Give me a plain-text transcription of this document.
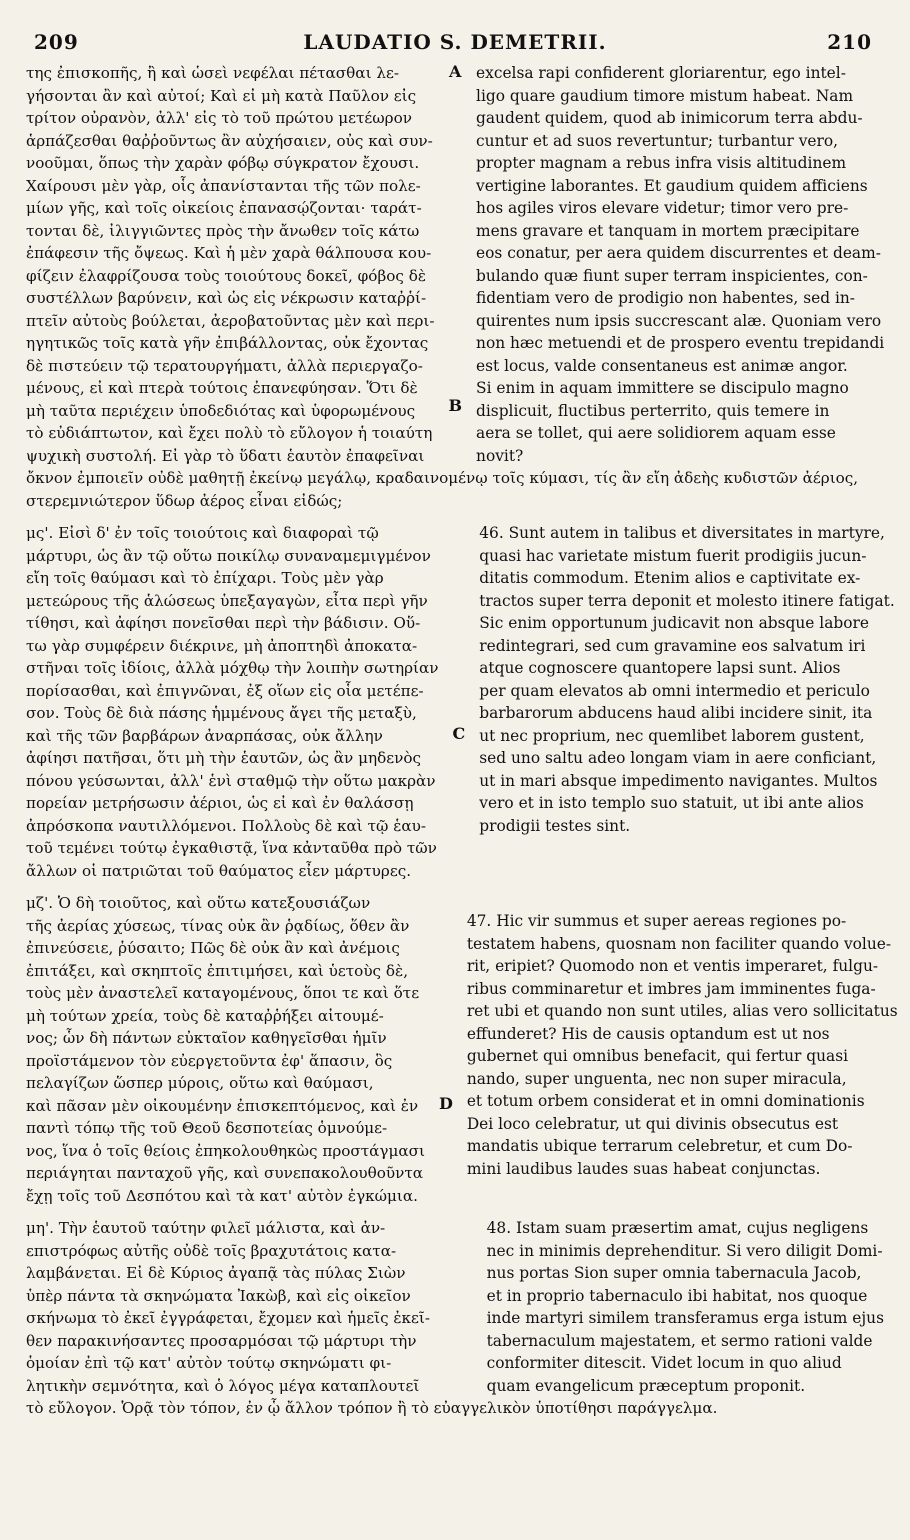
209	LAUDATIO S. DEMETRII.	210
της ἐπισκοπῆς, ἢ καὶ ὡσεὶ νεφέλαι πέτασθαι λε-
γήσονται ἂν καὶ αὐτοί; Καὶ εἰ μὴ κατὰ Παῦλον εἰς
τρίτον οὐρανὸν, ἀλλ' εἰς τὸ τοῦ πρώτου μετέωρον
ἁρπάζεσθαι θαῤῥοῦντως ἂν αὐχήσαιεν, οὐς καὶ συν-
νοοῦμαι, ὅπως τὴν χαρὰν φόβῳ σύγκρατον ἔχουσι.
Χαίρουσι μὲν γὰρ, οἷς ἀπανίστανται τῆς τῶν πολε-
μίων γῆς, καὶ τοῖς οἰκείοις ἐπανασῴζονται· ταράτ-
τονται δὲ, ἰλιγγιῶντες πρὸς τὴν ἄνωθεν τοῖς κάτω
ἐπάφεσιν τῆς ὄψεως. Καὶ ἡ μὲν χαρὰ θάλπουσα κου-
φίζειν ἐλαφρίζουσα τοὺς τοιούτους δοκεῖ, φόβος δὲ
συστέλλων βαρύνειν, καὶ ὡς εἰς νέκρωσιν καταῤῥί-
πτεῖν αὐτοὺς βούλεται, ἀεροβατοῦντας μὲν καὶ περι-
ηγητικῶς τοῖς κατὰ γῆν ἐπιβάλλοντας, οὐκ ἔχοντας
δὲ πιστεύειν τῷ τερατουργήματι, ἀλλὰ περιεργαζο-
μένους, εἰ καὶ πτερὰ τούτοις ἐπανεφύησαν. Ὅτι δὲ
μὴ ταῦτα περιέχειν ὑποδεδιότας καὶ ὑφορωμένους
τὸ εὐδιάπτωτον, καὶ ἔχει πολὺ τὸ εὔλογον ἡ τοιαύτη
ψυχικὴ συστολή. Εἰ γὰρ τὸ ὕδατι ἑαυτὸν ἐπαφεῖναι
A
B
excelsa rapi confiderent gloriarentur, ego intel-
ligo quare gaudium timore mistum habeat. Nam
gaudent quidem, quod ab inimicorum terra abdu-
cuntur et ad suos revertuntur; turbantur vero,
propter magnam a rebus infra visis altitudinem
vertigine laborantes. Et gaudium quidem afficiens
hos agiles viros elevare videtur; timor vero pre-
mens gravare et tanquam in mortem præcipitare
eos conatur, per aera quidem discurrentes et deam-
bulando quæ fiunt super terram inspicientes, con-
fidentiam vero de prodigio non habentes, sed in-
quirentes num ipsis succrescant alæ. Quoniam vero
non hæc metuendi et de prospero eventu trepidandi
est locus, valde consentaneus est animæ angor.
Si enim in aquam immittere se discipulo magno
displicuit, fluctibus perterrito, quis temere in
aera se tollet, qui aere solidiorem aquam esse
novit?
ὄκνον ἐμποιεῖν οὐδὲ μαθητῇ ἐκείνῳ μεγάλῳ, κραδαινομένῳ τοῖς κύμασι, τίς ἂν εἴη ἀδεὴς κυδιστῶν ἀέριος,
στερεμνιώτερον ὕδωρ ἀέρος εἶναι εἰδώς;
μς'. Εἰσὶ δ' ἐν τοῖς τοιούτοις καὶ διαφοραὶ τῷ
μάρτυρι, ὡς ἂν τῷ οὕτω ποικίλῳ συναναμεμιγμένον
εἴη τοῖς θαύμασι καὶ τὸ ἐπίχαρι. Τοὺς μὲν γὰρ
μετεώρους τῆς ἁλώσεως ὑπεξαγαγὼν, εἶτα περὶ γῆν
τίθησι, καὶ ἀφίησι πονεῖσθαι περὶ τὴν βάδισιν. Οὕ-
τω γὰρ συμφέρειν διέκρινε, μὴ ἀποπτηδὶ ἀποκατα-
στῆναι τοῖς ἰδίοις, ἀλλὰ μόχθῳ τὴν λοιπὴν σωτηρίαν
πορίσασθαι, καὶ ἐπιγνῶναι, ἐξ οἵων εἰς οἷα μετέπε-
σον. Τοὺς δὲ διὰ πάσης ἡμμένους ἄγει τῆς μεταξὺ,
καὶ τῆς τῶν βαρβάρων ἀναρπάσας, οὐκ ἄλλην
ἀφίησι πατῆσαι, ὅτι μὴ τὴν ἑαυτῶν, ὡς ἂν μηδενὸς
πόνου γεύσωνται, ἀλλ' ἑνὶ σταθμῷ τὴν οὕτω μακρὰν
πορείαν μετρήσωσιν ἀέριοι, ὡς εἰ καὶ ἐν θαλάσσῃ
ἀπρόσκοπα ναυτιλλόμενοι. Πολλοὺς δὲ καὶ τῷ ἑαυ-
τοῦ τεμένει τούτῳ ἐγκαθιστᾷ, ἵνα κἀνταῦθα πρὸ τῶν
ἄλλων οἱ πατριῶται τοῦ θαύματος εἶεν μάρτυρες.
C
46. Sunt autem in talibus et diversitates in martyre,
quasi hac varietate mistum fuerit prodigiis jucun-
ditatis commodum. Etenim alios e captivitate ex-
tractos super terra deponit et molesto itinere fatigat.
Sic enim opportunum judicavit non absque labore
redintegrari, sed cum gravamine eos salvatum iri
atque cognoscere quantopere lapsi sunt. Alios
per quam elevatos ab omni intermedio et periculo
barbarorum abducens haud alibi incidere sinit, ita
ut nec proprium, nec quemlibet laborem gustent,
sed uno saltu adeo longam viam in aere conficiant,
ut in mari absque impedimento navigantes. Multos
vero et in isto templo suo statuit, ut ibi ante alios
prodigii testes sint.
μζ'. Ὁ δὴ τοιοῦτος, καὶ οὕτω κατεξουσιάζων
τῆς ἀερίας χύσεως, τίνας οὐκ ἂν ῥᾳδίως, ὅθεν ἂν
ἐπινεύσειε, ῥύσαιτο; Πῶς δὲ οὐκ ἂν καὶ ἀνέμοις
ἐπιτάξει, καὶ σκηπτοῖς ἐπιτιμήσει, καὶ ὑετοὺς δὲ,
τοὺς μὲν ἀναστελεῖ καταγομένους, ὅποι τε καὶ ὅτε
μὴ τούτων χρεία, τοὺς δὲ καταῤῥήξει αἰτουμέ-
νος; ὧν δὴ πάντων εὐκταῖον καθηγεῖσθαι ἡμῖν
προϊστάμενον τὸν εὐεργετοῦντα ἐφ' ἅπασιν, ὃς
πελαγίζων ὥσπερ μύροις, οὕτω καὶ θαύμασι,
καὶ πᾶσαν μὲν οἰκουμένην ἐπισκεπτόμενος, καὶ ἐν
παντὶ τόπῳ τῆς τοῦ Θεοῦ δεσποτείας ὁμνούμε-
νος, ἵνα ὁ τοῖς θείοις ἐπηκολουθηκὼς προστάγμασι
περιάγηται πανταχοῦ γῆς, καὶ συνεπακολουθοῦντα
ἔχῃ τοῖς τοῦ Δεσπότου καὶ τὰ κατ' αὐτὸν ἐγκώμια.
D
47. Hic vir summus et super aereas regiones po-
testatem habens, quosnam non faciliter quando volue-
rit, eripiet? Quomodo non et ventis imperaret, fulgu-
ribus comminaretur et imbres jam imminentes fuga-
ret ubi et quando non sunt utiles, alias vero sollicitatus
effunderet? His de causis optandum est ut nos
gubernet qui omnibus benefacit, qui fertur quasi
nando, super unguenta, nec non super miracula,
et totum orbem considerat et in omni dominationis
Dei loco celebratur, ut qui divinis obsecutus est
mandatis ubique terrarum celebretur, et cum Do-
mini laudibus laudes suas habeat conjunctas.
μη'. Τὴν ἑαυτοῦ ταύτην φιλεῖ μάλιστα, καὶ ἀν-
επιστρόφως αὐτῆς οὐδὲ τοῖς βραχυτάτοις κατα-
λαμβάνεται. Εἰ δὲ Κύριος ἀγαπᾷ τὰς πύλας Σιὼν
ὑπὲρ πάντα τὰ σκηνώματα Ἰακὼβ, καὶ εἰς οἰκεῖον
σκήνωμα τὸ ἐκεῖ ἐγγράφεται, ἔχομεν καὶ ἡμεῖς ἐκεῖ-
θεν παρακινήσαντες προσαρμόσαι τῷ μάρτυρι τὴν
ὁμοίαν ἐπὶ τῷ κατ' αὐτὸν τούτῳ σκηνώματι φι-
λητικὴν σεμνότητα, καὶ ὁ λόγος μέγα καταπλουτεῖ
48. Istam suam præsertim amat, cujus negligens
nec in minimis deprehenditur. Si vero diligit Domi-
nus portas Sion super omnia tabernacula Jacob,
et in proprio tabernaculo ibi habitat, nos quoque
inde martyri similem transferamus erga istum ejus
tabernaculum majestatem, et sermo rationi valde
conformiter ditescit. Videt locum in quo aliud
quam evangelicum præceptum proponit.
τὸ εὔλογον. Ὁρᾷ τὸν τόπον, ἐν ᾧ ἄλλον τρόπον ἢ τὸ εὐαγγελικὸν ὑποτίθησι παράγγελμα.
